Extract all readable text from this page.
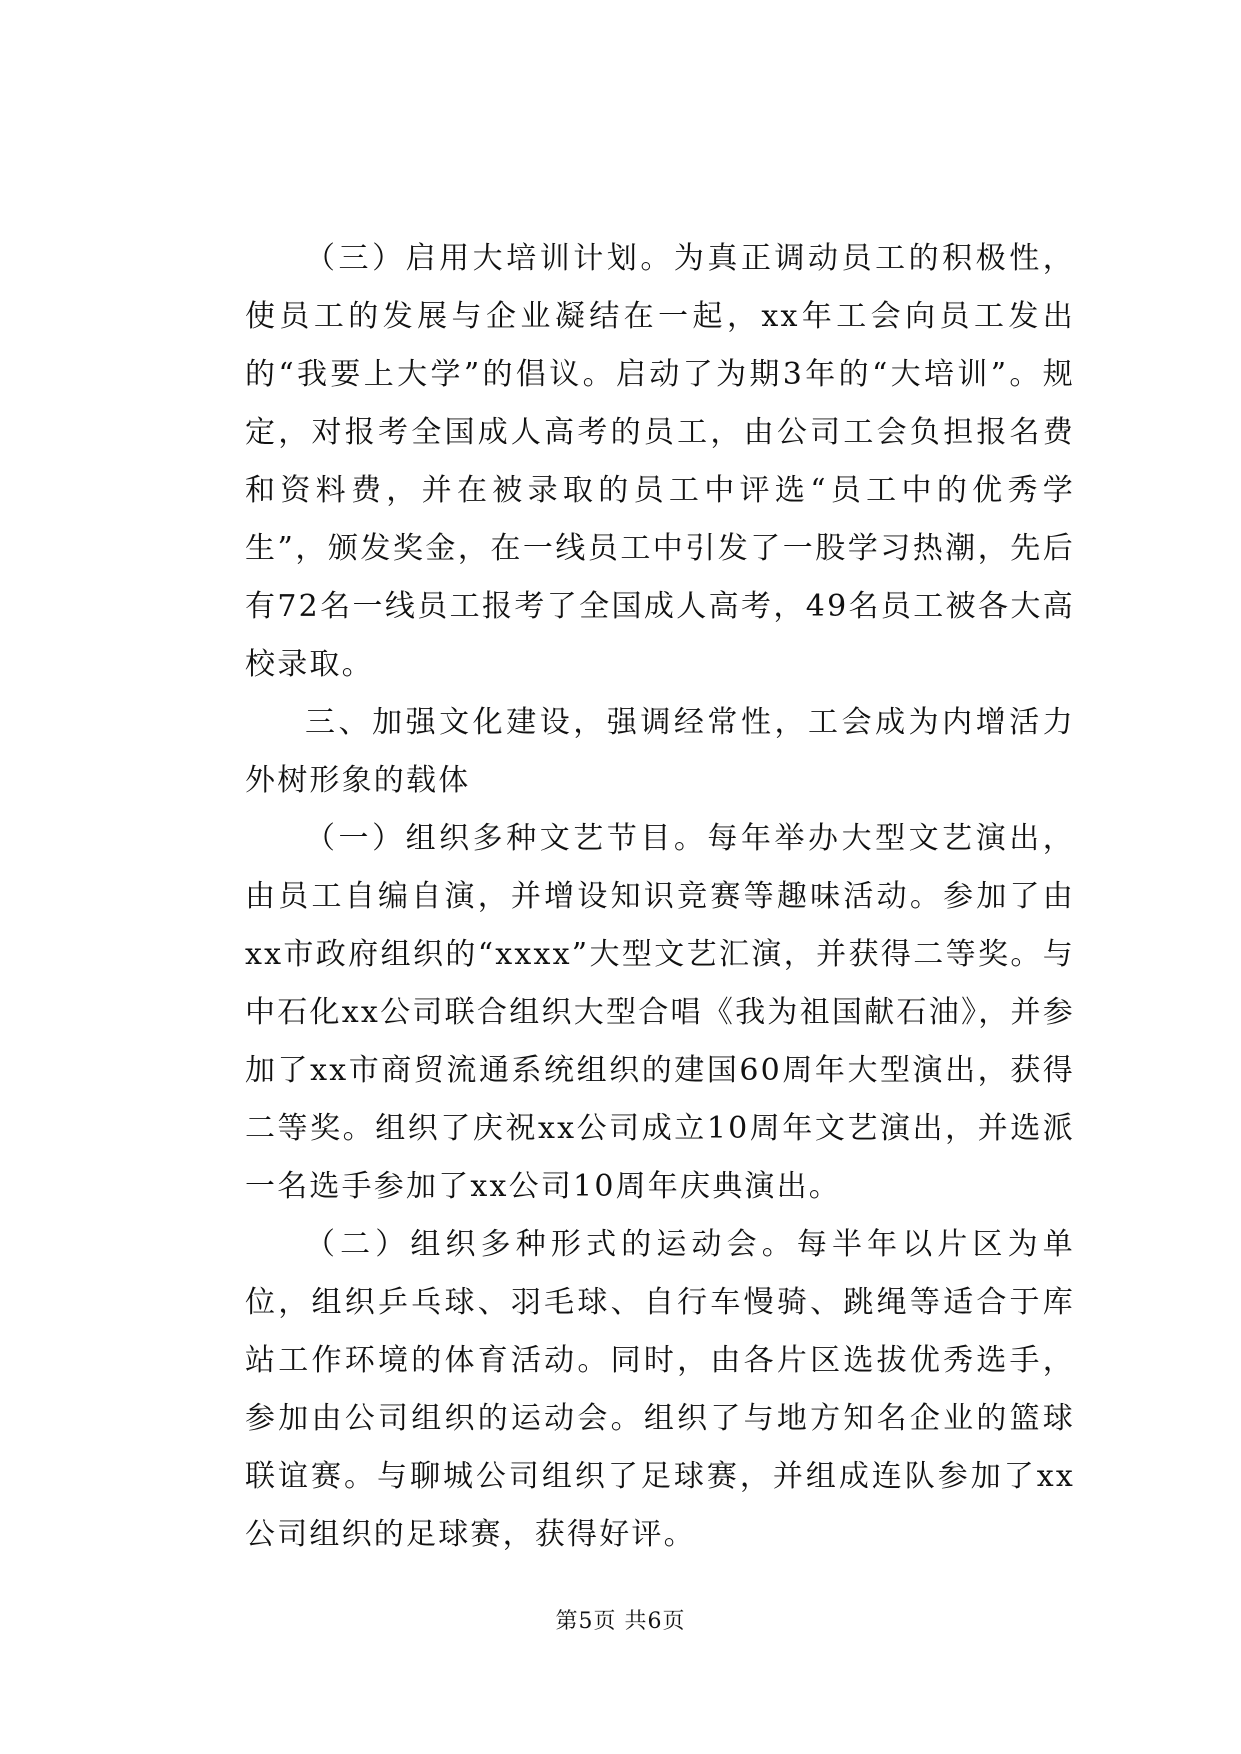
（三）启用大培训计划。为真正调动员工的积极性，使员工的发展与企业凝结在一起，xx年工会向员工发出的“我要上大学”的倡议。启动了为期3年的“大培训”。规定，对报考全国成人高考的员工，由公司工会负担报名费和资料费，并在被录取的员工中评选“员工中的优秀学生”，颁发奖金，在一线员工中引发了一股学习热潮，先后有72名一线员工报考了全国成人高考，49名员工被各大高校录取。

三、加强文化建设，强调经常性，工会成为内增活力外树形象的载体

（一）组织多种文艺节目。每年举办大型文艺演出，由员工自编自演，并增设知识竞赛等趣味活动。参加了由xx市政府组织的“xxxx”大型文艺汇演，并获得二等奖。与中石化xx公司联合组织大型合唱《我为祖国献石油》，并参加了xx市商贸流通系统组织的建国60周年大型演出，获得二等奖。组织了庆祝xx公司成立10周年文艺演出，并选派一名选手参加了xx公司10周年庆典演出。

（二）组织多种形式的运动会。每半年以片区为单位，组织乒乓球、羽毛球、自行车慢骑、跳绳等适合于库站工作环境的体育活动。同时，由各片区选拔优秀选手，参加由公司组织的运动会。组织了与地方知名企业的篮球联谊赛。与聊城公司组织了足球赛，并组成连队参加了xx公司组织的足球赛，获得好评。

第5页 共6页
